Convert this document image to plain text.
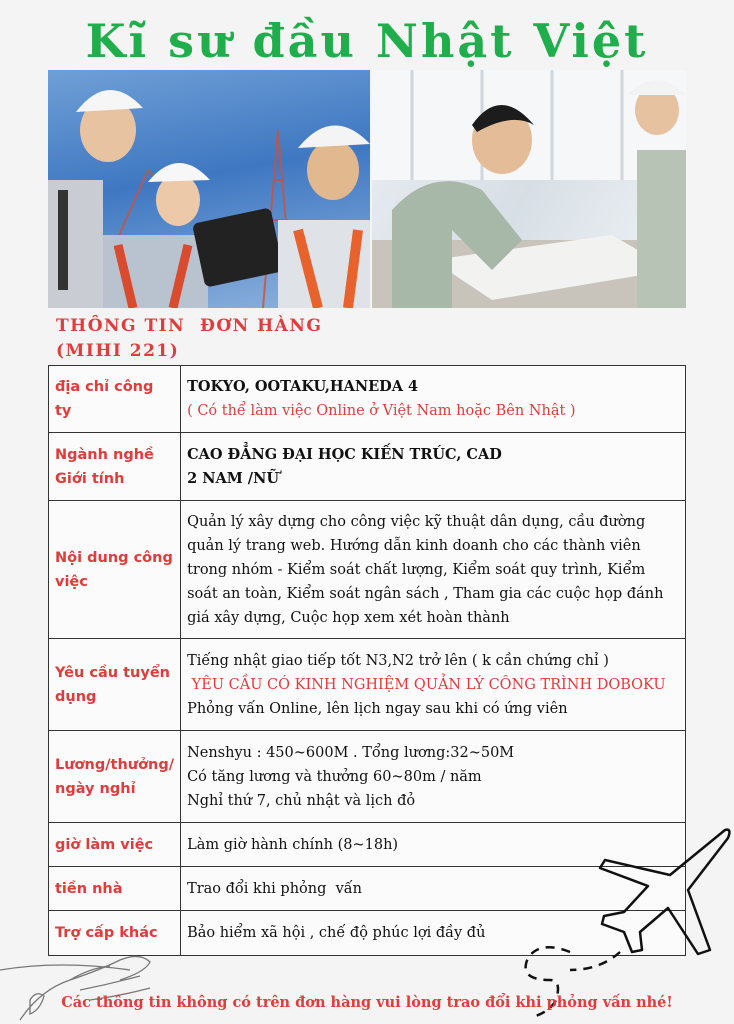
Kĩ sư đầu Nhật Việt
THÔNG TIN  ĐƠN HÀNG
(MIHI 221)
địa chỉ công ty	TOKYO, OOTAKU,HANEDA 4
( Có thể làm việc Online ở Việt Nam hoặc Bên Nhật )

Ngành nghề Giới tính	CAO ĐẲNG ĐẠI HỌC KIẾN TRÚC, CAD
2 NAM /NỮ

Nội dung công việc	Quản lý xây dựng cho công việc kỹ thuật dân dụng, cầu đường quản lý trang web. Hướng dẫn kinh doanh cho các thành viên trong nhóm - Kiểm soát chất lượng, Kiểm soát quy trình, Kiểm soát an toàn, Kiểm soát ngân sách , Tham gia các cuộc họp đánh giá xây dựng, Cuộc họp xem xét hoàn thành

Yêu cầu tuyển dụng	Tiếng nhật giao tiếp tốt N3,N2 trở lên ( k cần chứng chỉ )
YÊU CẦU CÓ KINH NGHIỆM QUẢN LÝ CÔNG TRÌNH DOBOKU
Phỏng vấn Online, lên lịch ngay sau khi có ứng viên

Lương/thưởng/ ngày nghỉ	Nenshyu : 450~600M . Tổng lương:32~50M
Có tăng lương và thưởng 60~80m / năm
Nghỉ thứ 7, chủ nhật và lịch đỏ

giờ làm việc	Làm giờ hành chính (8~18h)

tiền nhà	Trao đổi khi phỏng  vấn

Trợ cấp khác	Bảo hiểm xã hội , chế độ phúc lợi đầy đủ
Các thông tin không có trên đơn hàng vui lòng trao đổi khi phỏng vấn nhé!
